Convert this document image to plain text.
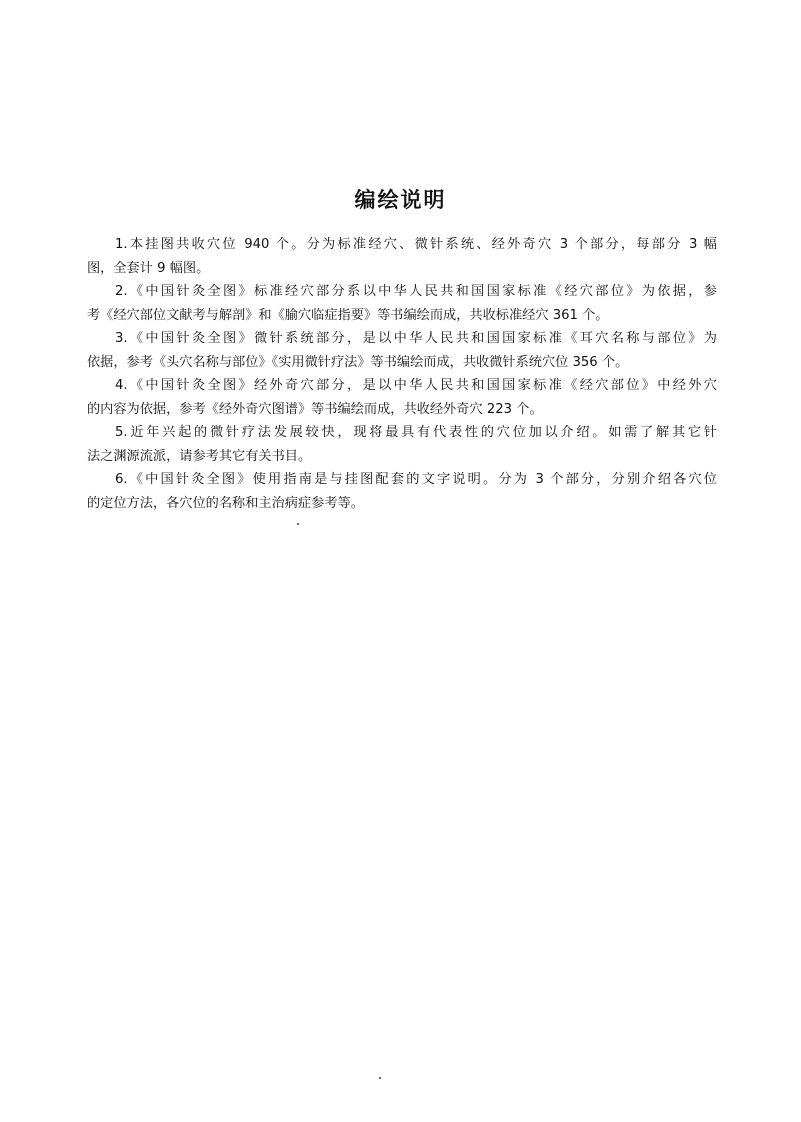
编绘说明
1.本挂图共收穴位 940 个。分为标准经穴、微针系统、经外奇穴 3 个部分，每部分 3 幅
图，全套计 9 幅图。
2.《中国针灸全图》标准经穴部分系以中华人民共和国国家标准《经穴部位》为依据，参
考《经穴部位文献考与解剖》和《腧穴临症指要》等书编绘而成，共收标准经穴 361 个。
3.《中国针灸全图》微针系统部分，是以中华人民共和国国家标准《耳穴名称与部位》为
依据，参考《头穴名称与部位》《实用微针疗法》等书编绘而成，共收微针系统穴位 356 个。
4.《中国针灸全图》经外奇穴部分，是以中华人民共和国国家标准《经穴部位》中经外穴
的内容为依据，参考《经外奇穴图谱》等书编绘而成，共收经外奇穴 223 个。
5.近年兴起的微针疗法发展较快，现将最具有代表性的穴位加以介绍。如需了解其它针
法之渊源流派，请参考其它有关书目。
6.《中国针灸全图》使用指南是与挂图配套的文字说明。分为 3 个部分，分别介绍各穴位
的定位方法，各穴位的名称和主治病症参考等。
